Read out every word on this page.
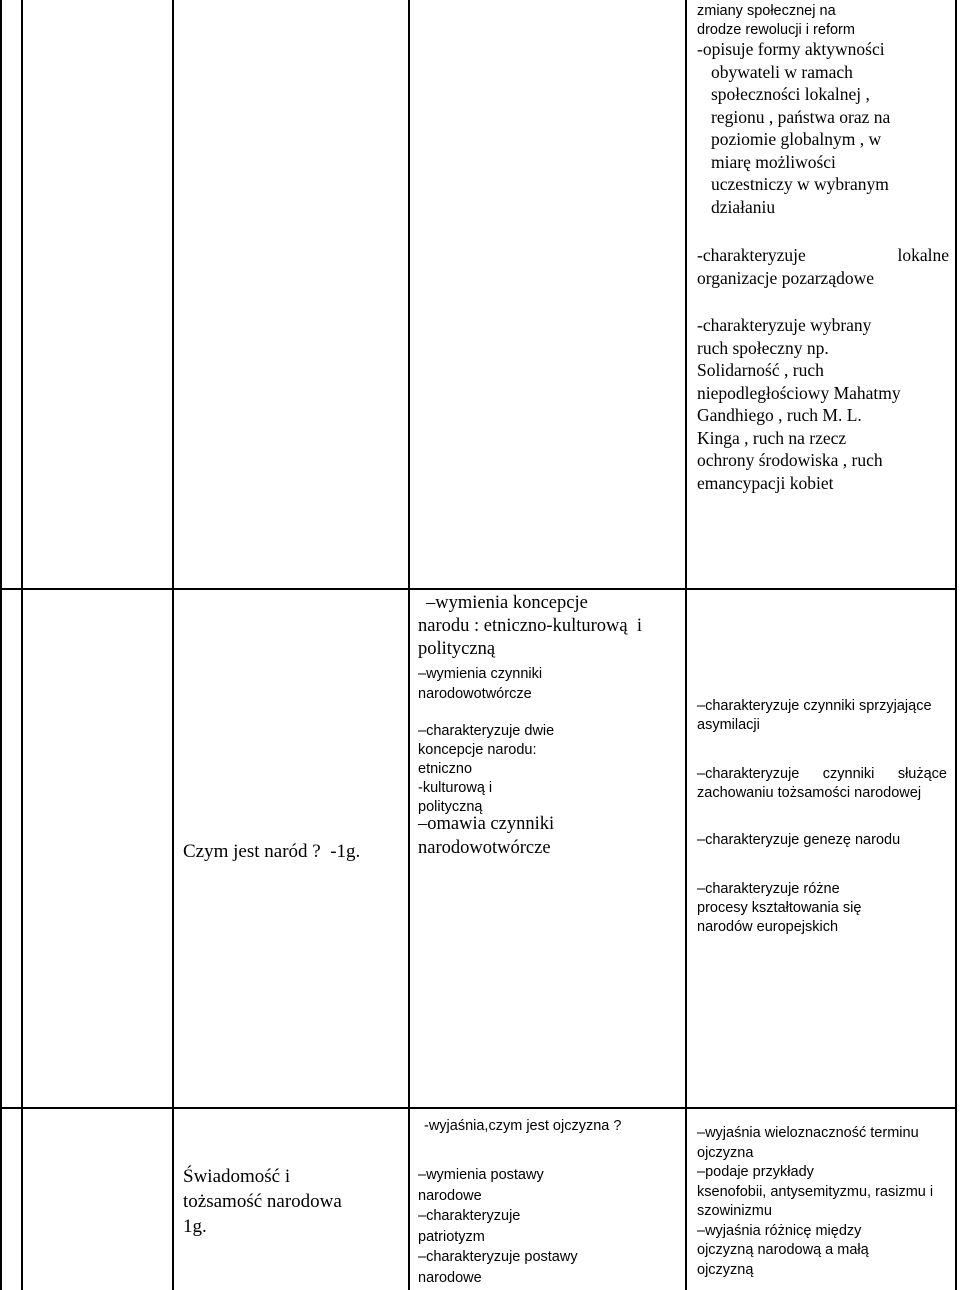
zmiany społecznej na

drodze rewolucji i reform

-opisuje formy aktywności

obywateli w ramach

społeczności lokalnej ,

regionu , państwa oraz na

poziomie globalnym , w

miarę możliwości

uczestniczy w wybranym

działaniu

-charakteryzuje	lokalne

organizacje pozarządowe

-charakteryzuje wybrany

ruch społeczny np.

Solidarność , ruch

niepodległościowy Mahatmy

Gandhiego , ruch M. L.

Kinga , ruch na rzecz

ochrony środowiska , ruch

emancypacji kobiet

Czym jest naród ?  -1g.

–wymienia koncepcje

narodu : etniczno-kulturową  i

polityczną

–wymienia czynniki

narodowotwórcze

–charakteryzuje dwie

koncepcje narodu:

etniczno

-kulturową i

polityczną

–omawia czynniki

narodowotwórcze

–charakteryzuje czynniki sprzyjające

asymilacji

–charakteryzuje czynniki służące

zachowaniu tożsamości narodowej

–charakteryzuje genezę narodu

–charakteryzuje różne

procesy kształtowania się

narodów europejskich

Świadomość i

tożsamość narodowa

1g.

-wyjaśnia,czym jest ojczyzna ?

–wymienia postawy

narodowe

–charakteryzuje

patriotyzm

–charakteryzuje postawy

narodowe

–wyjaśnia wieloznaczność terminu

ojczyzna

–podaje przykłady

ksenofobii, antysemityzmu, rasizmu i

szowinizmu

–wyjaśnia różnicę między

ojczyzną narodową a małą

ojczyzną
